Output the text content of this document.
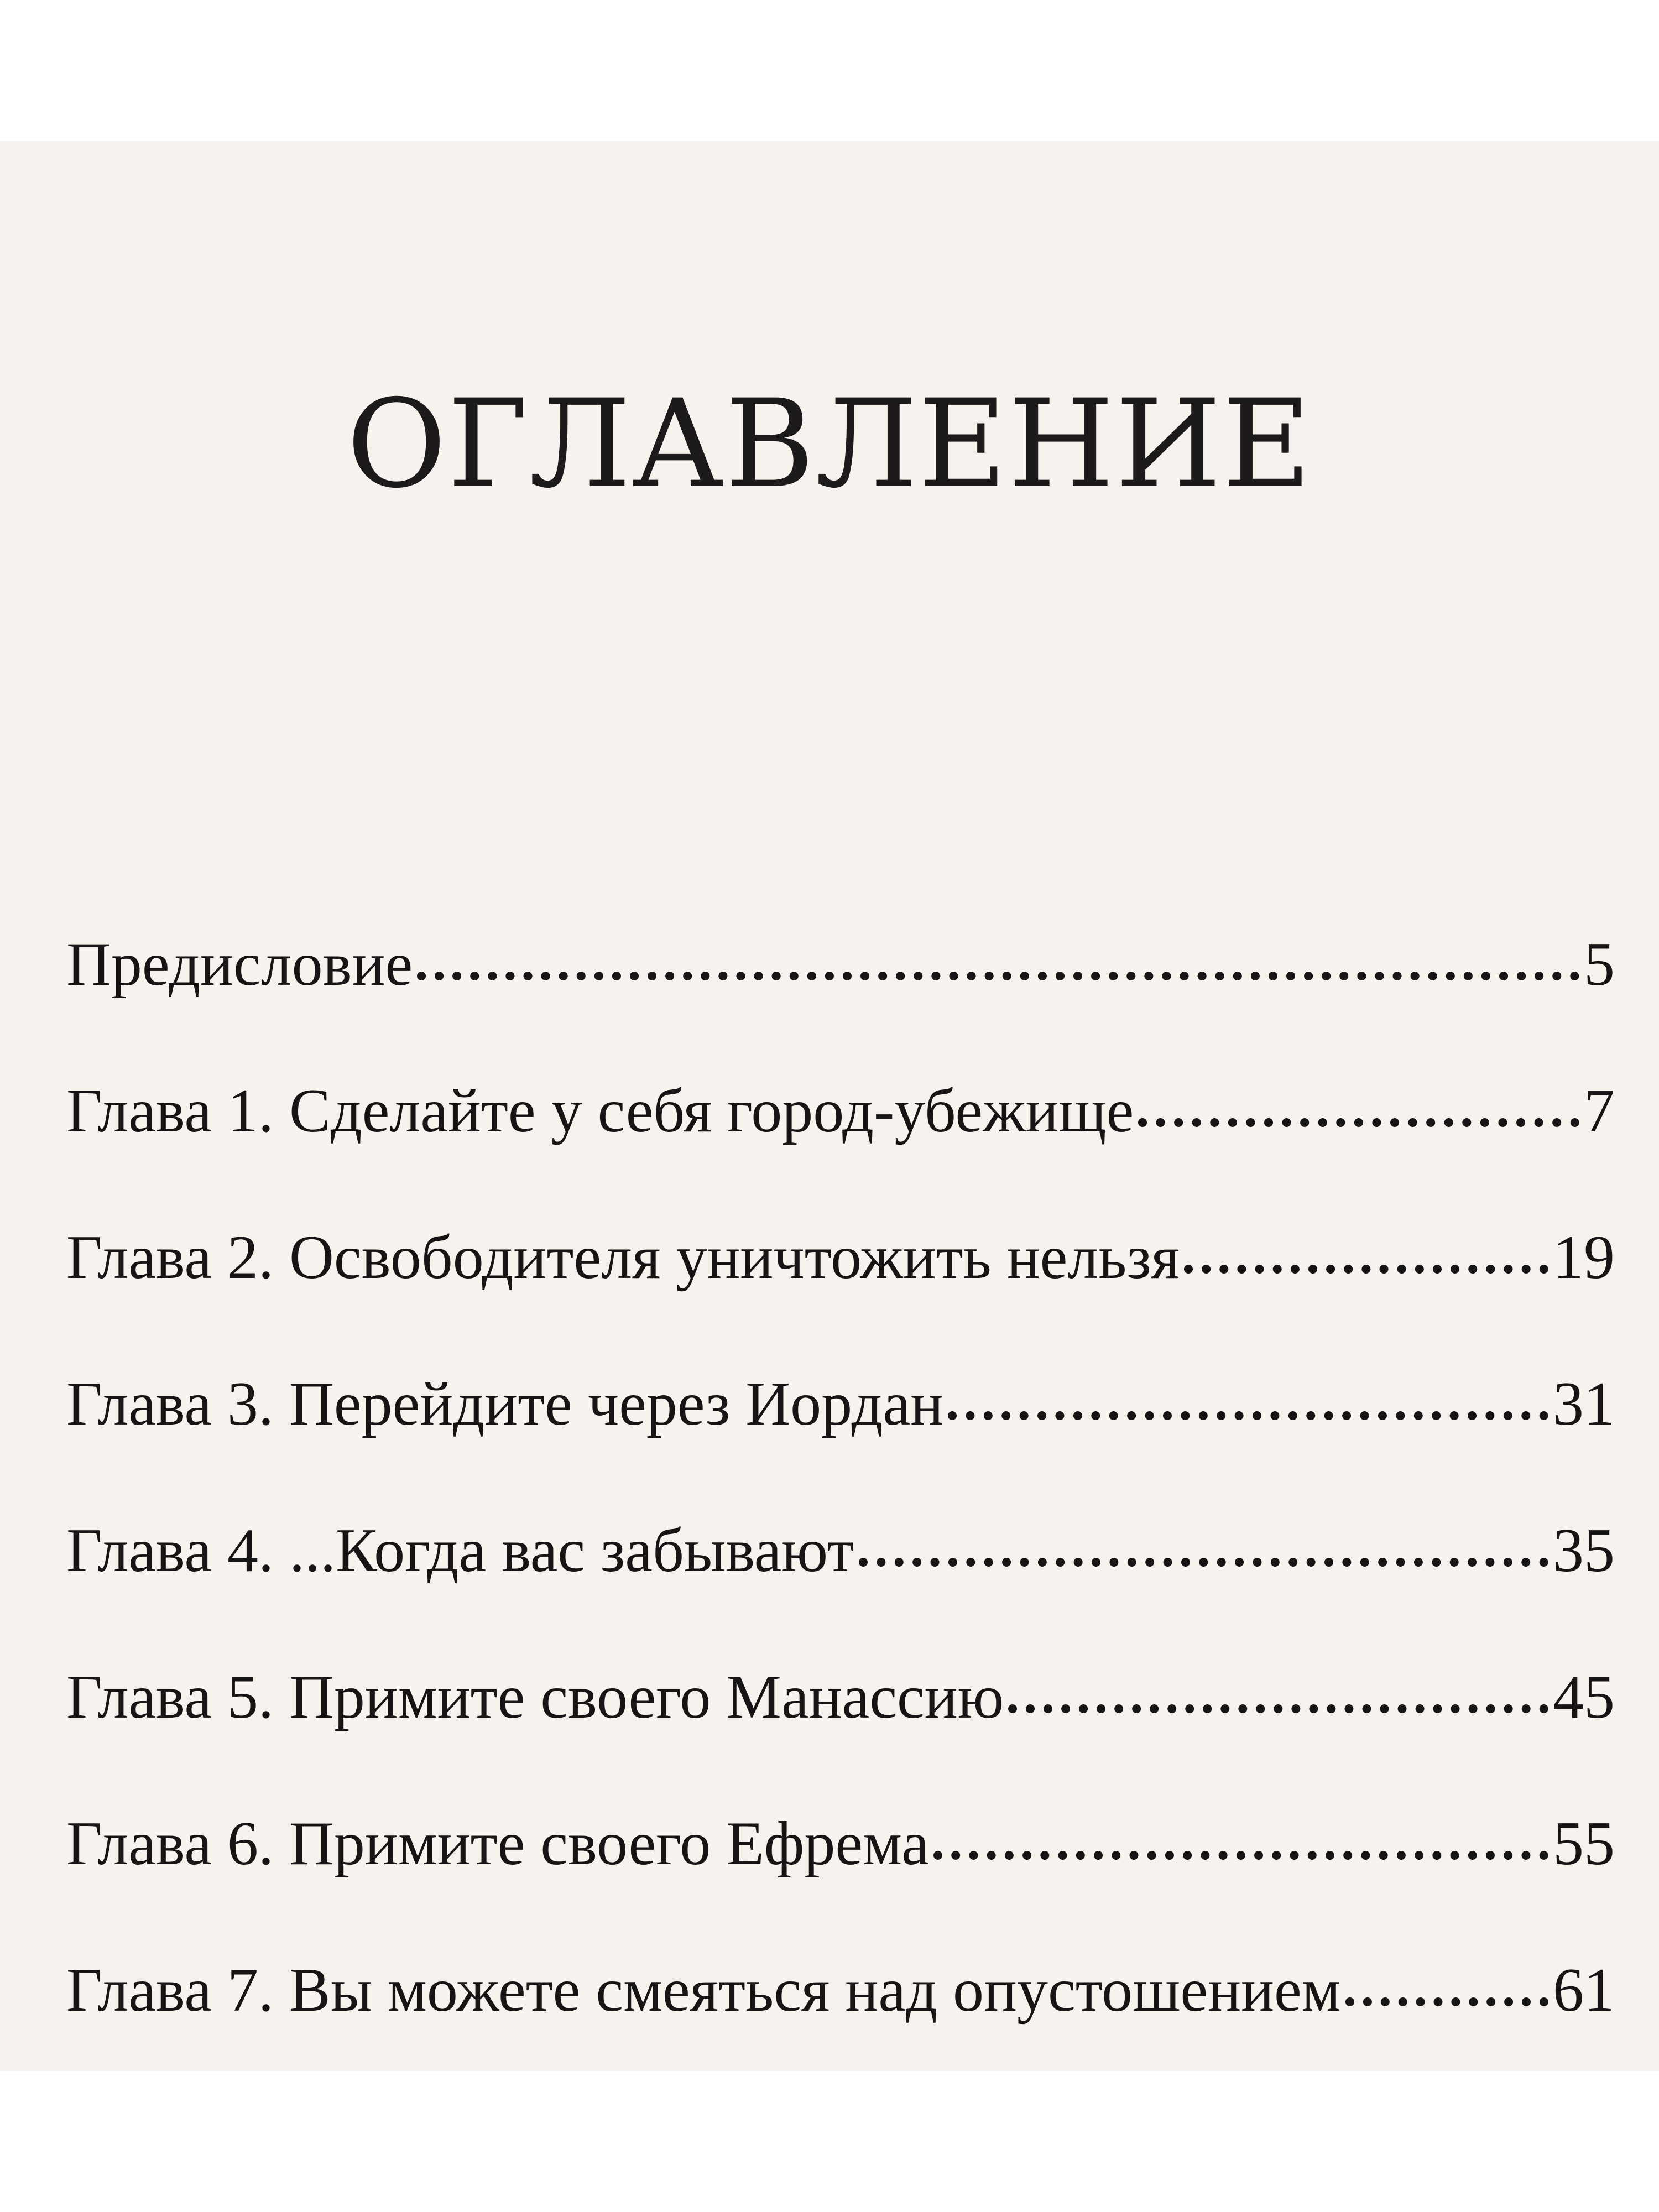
ОГЛАВЛЕНИЕ
Предисловие	5
Глава 1. Сделайте у себя город-убежище	7
Глава 2. Освободителя уничтожить нельзя	19
Глава 3. Перейдите через Иордан	31
Глава 4. ...Когда вас забывают	35
Глава 5. Примите своего Манассию	45
Глава 6. Примите своего Ефрема	55
Глава 7. Вы можете смеяться над опустошением	61
